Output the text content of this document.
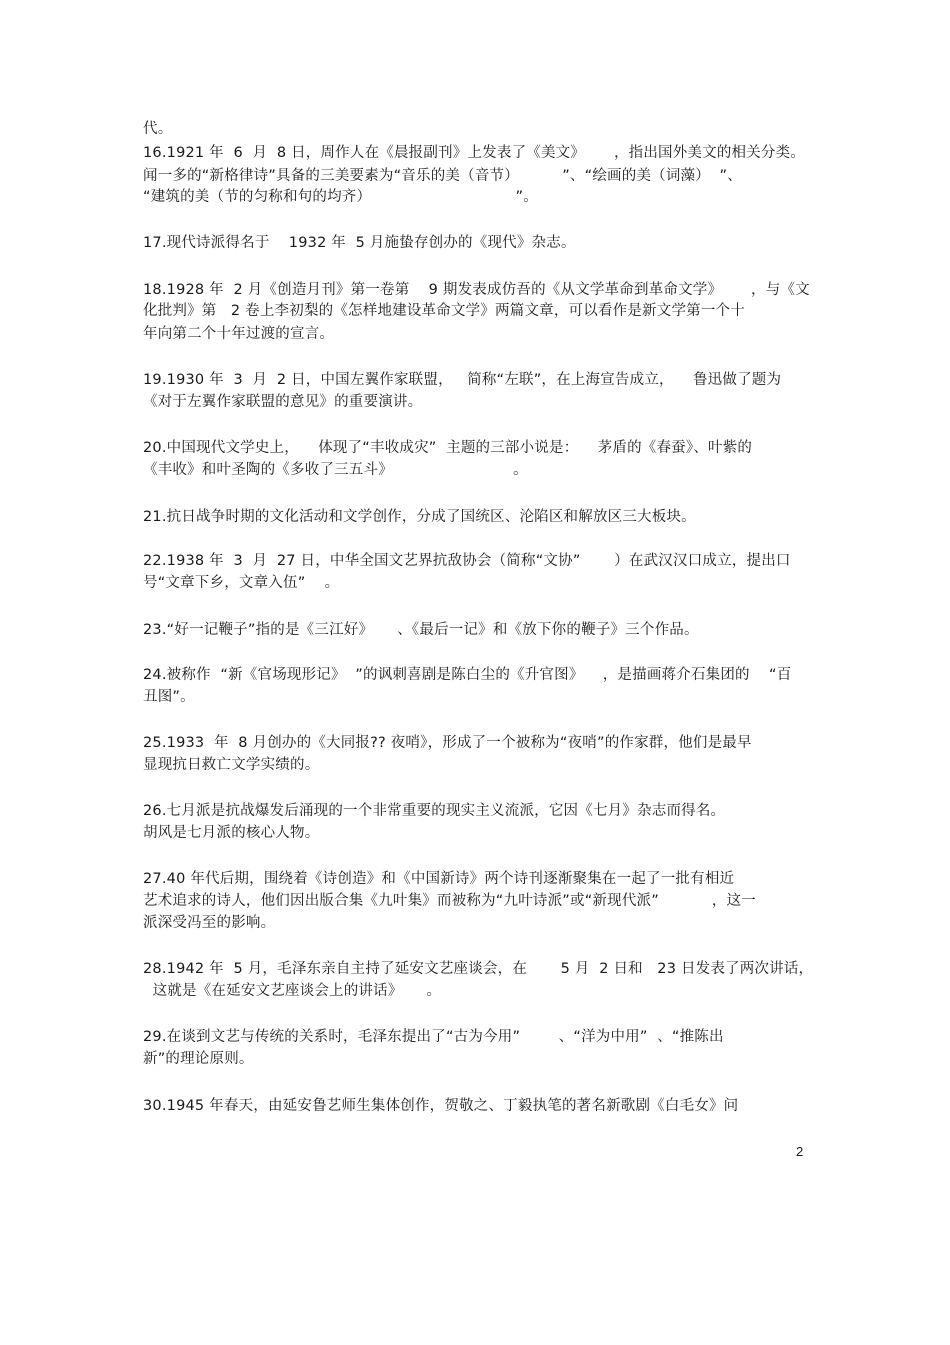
代。
16.1921 年  6  月  8 日，周作人在《晨报副刊》上发表了《美文》      ，指出国外美文的相关分类。
闻一多的“新格律诗”具备的三美要素为“音乐的美（音节）         ”、“绘画的美（词藻）  ”、
“建筑的美（节的匀称和句的均齐）                              ”。
17.现代诗派得名于    1932 年  5 月施蛰存创办的《现代》杂志。
18.1928 年  2 月《创造月刊》第一卷第    9 期发表成仿吾的《从文学革命到革命文学》      ，与《文
化批判》第   2 卷上李初梨的《怎样地建设革命文学》两篇文章，可以看作是新文学第一个十
年向第二个十年过渡的宣言。
19.1930 年  3  月  2 日，中国左翼作家联盟，   简称“左联”，在上海宣告成立，    鲁迅做了题为
《对于左翼作家联盟的意见》的重要演讲。
20.中国现代文学史上，    体现了“丰收成灾”  主题的三部小说是：    茅盾的《春蚕》、叶紫的
《丰收》和叶圣陶的《多收了三五斗》                         。
21.抗日战争时期的文化活动和文学创作，分成了国统区、沦陷区和解放区三大板块。
22.1938 年  3  月  27 日，中华全国文艺界抗敌协会（简称“文协”       ）在武汉汉口成立，提出口
号“文章下乡，文章入伍”    。
23.“好一记鞭子”指的是《三江好》     、《最后一记》和《放下你的鞭子》三个作品。
24.被称作  “新《官场现形记》  ”的讽刺喜剧是陈白尘的《升官图》    ，是描画蒋介石集团的    “百
丑图”。
25.1933  年  8 月创办的《大同报?? 夜哨》，形成了一个被称为“夜哨”的作家群，他们是最早
显现抗日救亡文学实绩的。
26.七月派是抗战爆发后涌现的一个非常重要的现实主义流派，它因《七月》杂志而得名。
胡风是七月派的核心人物。
27.40 年代后期，围绕着《诗创造》和《中国新诗》两个诗刊逐渐聚集在一起了一批有相近
艺术追求的诗人，他们因出版合集《九叶集》而被称为“九叶诗派”或“新现代派”           ，这一
派深受冯至的影响。
28.1942 年  5 月，毛泽东亲自主持了延安文艺座谈会，在       5 月  2 日和   23 日发表了两次讲话，
这就是《在延安文艺座谈会上的讲话》     。
29.在谈到文艺与传统的关系时，毛泽东提出了“古为今用”        、“洋为中用”  、“推陈出
新”的理论原则。
30.1945 年春天，由延安鲁艺师生集体创作，贺敬之、丁毅执笔的著名新歌剧《白毛女》问
2
